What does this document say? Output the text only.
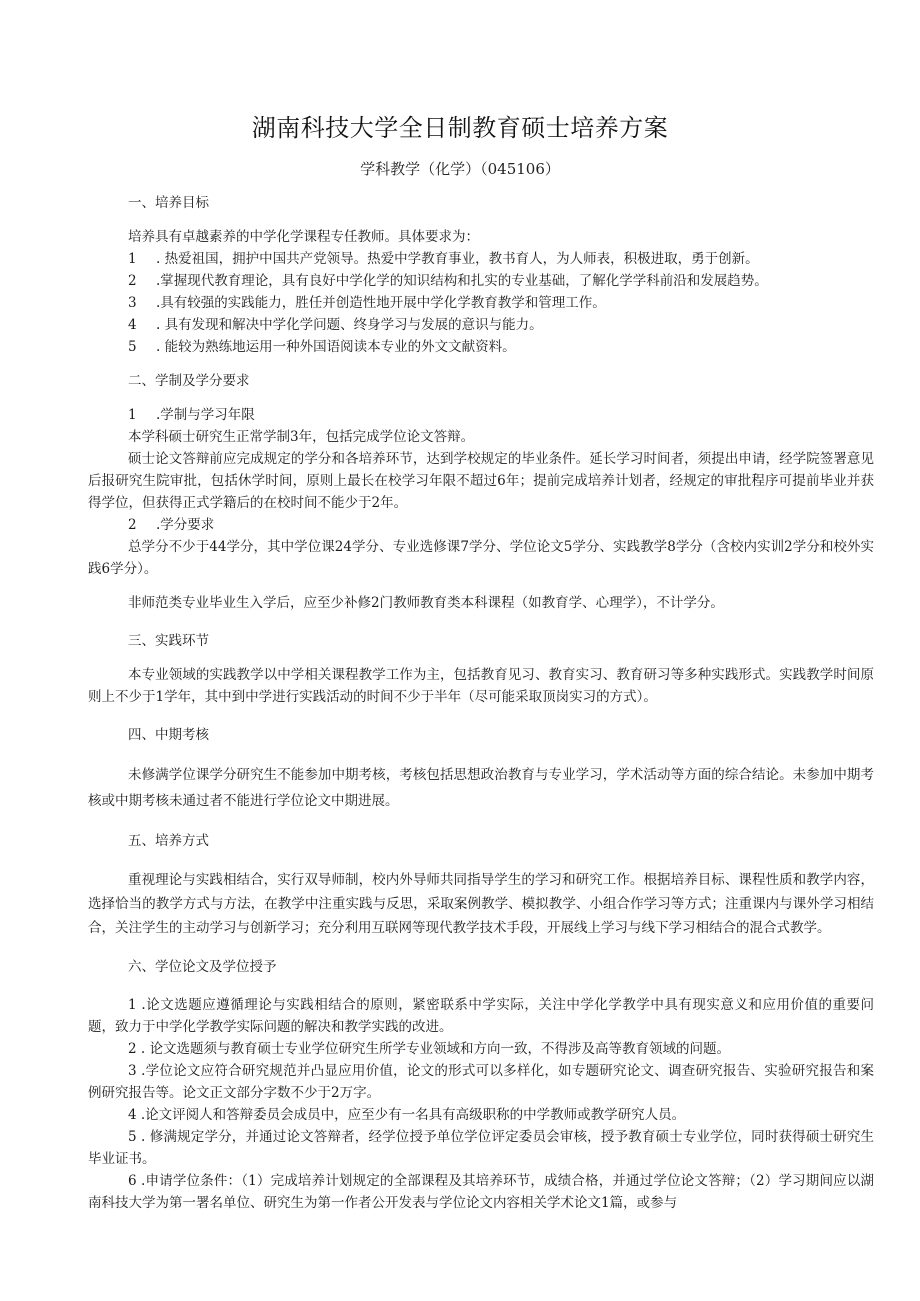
湖南科技大学全日制教育硕士培养方案
学科教学（化学）（045106）

一、培养目标

培养具有卓越素养的中学化学课程专任教师。具体要求为：

1 . 热爱祖国，拥护中国共产党领导。热爱中学教育事业，教书育人，为人师表，积极进取，勇于创新。

2 .掌握现代教育理论，具有良好中学化学的知识结构和扎实的专业基础，了解化学学科前沿和发展趋势。

3 .具有较强的实践能力，胜任并创造性地开展中学化学教育教学和管理工作。

4 . 具有发现和解决中学化学问题、终身学习与发展的意识与能力。

5 . 能较为熟练地运用一种外国语阅读本专业的外文文献资料。

二、学制及学分要求

1 .学制与学习年限

本学科硕士研究生正常学制3年，包括完成学位论文答辩。

硕士论文答辩前应完成规定的学分和各培养环节，达到学校规定的毕业条件。延长学习时间者，须提出申请，经学院签署意见后报研究生院审批，包括休学时间，原则上最长在校学习年限不超过6年；提前完成培养计划者，经规定的审批程序可提前毕业并获得学位，但获得正式学籍后的在校时间不能少于2年。

2 .学分要求

总学分不少于44学分，其中学位课24学分、专业选修课7学分、学位论文5学分、实践教学8学分（含校内实训2学分和校外实践6学分）。

非师范类专业毕业生入学后，应至少补修2门教师教育类本科课程（如教育学、心理学），不计学分。

三、实践环节

本专业领域的实践教学以中学相关课程教学工作为主，包括教育见习、教育实习、教育研习等多种实践形式。实践教学时间原则上不少于1学年，其中到中学进行实践活动的时间不少于半年（尽可能采取顶岗实习的方式）。

四、中期考核

未修满学位课学分研究生不能参加中期考核，考核包括思想政治教育与专业学习，学术活动等方面的综合结论。未参加中期考核或中期考核未通过者不能进行学位论文中期进展。

五、培养方式

重视理论与实践相结合，实行双导师制，校内外导师共同指导学生的学习和研究工作。根据培养目标、课程性质和教学内容，选择恰当的教学方式与方法，在教学中注重实践与反思，采取案例教学、模拟教学、小组合作学习等方式；注重课内与课外学习相结合，关注学生的主动学习与创新学习；充分利用互联网等现代教学技术手段，开展线上学习与线下学习相结合的混合式教学。

六、学位论文及学位授予

1 .论文选题应遵循理论与实践相结合的原则，紧密联系中学实际，关注中学化学教学中具有现实意义和应用价值的重要问题，致力于中学化学教学实际问题的解决和教学实践的改进。

2 . 论文选题须与教育硕士专业学位研究生所学专业领域和方向一致，不得涉及高等教育领域的问题。

3 .学位论文应符合研究规范并凸显应用价值，论文的形式可以多样化，如专题研究论文、调查研究报告、实验研究报告和案例研究报告等。论文正文部分字数不少于2万字。

4 .论文评阅人和答辩委员会成员中，应至少有一名具有高级职称的中学教师或教学研究人员。

5 . 修满规定学分，并通过论文答辩者，经学位授予单位学位评定委员会审核，授予教育硕士专业学位，同时获得硕士研究生毕业证书。

6 .申请学位条件：（1）完成培养计划规定的全部课程及其培养环节，成绩合格，并通过学位论文答辩；（2）学习期间应以湖南科技大学为第一署名单位、研究生为第一作者公开发表与学位论文内容相关学术论文1篇，或参与
